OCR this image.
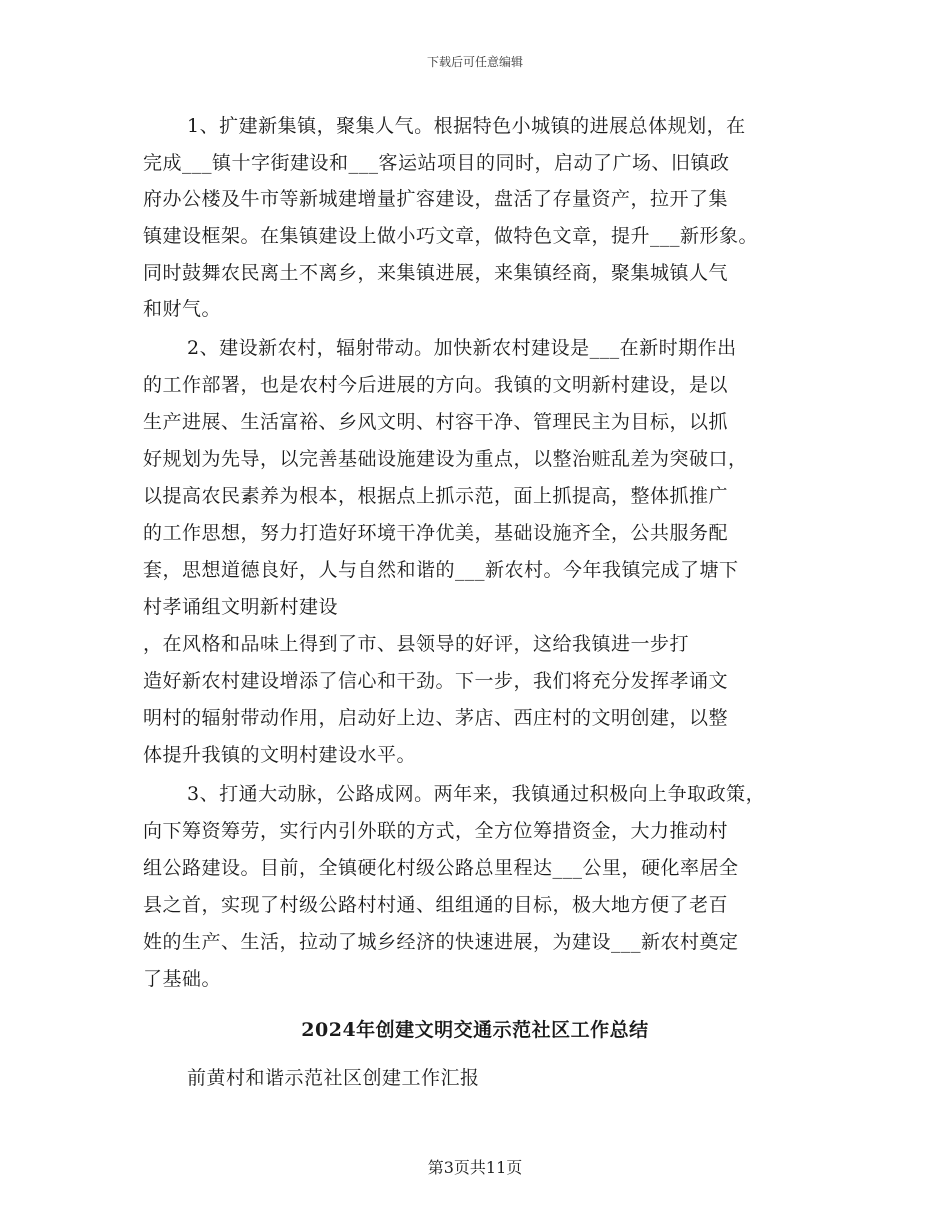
下载后可任意编辑
1、扩建新集镇，聚集人气。根据特色小城镇的进展总体规划，在
完成___镇十字街建设和___客运站项目的同时，启动了广场、旧镇政
府办公楼及牛市等新城建增量扩容建设，盘活了存量资产，拉开了集
镇建设框架。在集镇建设上做小巧文章，做特色文章，提升___新形象。
同时鼓舞农民离土不离乡，来集镇进展，来集镇经商，聚集城镇人气
和财气。
2、建设新农村，辐射带动。加快新农村建设是___在新时期作出
的工作部署，也是农村今后进展的方向。我镇的文明新村建设，是以
生产进展、生活富裕、乡风文明、村容干净、管理民主为目标，以抓
好规划为先导，以完善基础设施建设为重点，以整治赃乱差为突破口，
以提高农民素养为根本，根据点上抓示范，面上抓提高，整体抓推广
的工作思想，努力打造好环境干净优美，基础设施齐全，公共服务配
套，思想道德良好，人与自然和谐的___新农村。今年我镇完成了塘下
村孝诵组文明新村建设
，在风格和品味上得到了市、县领导的好评，这给我镇进一步打
造好新农村建设增添了信心和干劲。下一步，我们将充分发挥孝诵文
明村的辐射带动作用，启动好上边、茅店、西庄村的文明创建，以整
体提升我镇的文明村建设水平。
3、打通大动脉，公路成网。两年来，我镇通过积极向上争取政策，
向下筹资筹劳，实行内引外联的方式，全方位筹措资金，大力推动村
组公路建设。目前，全镇硬化村级公路总里程达___公里，硬化率居全
县之首，实现了村级公路村村通、组组通的目标，极大地方便了老百
姓的生产、生活，拉动了城乡经济的快速进展，为建设___新农村奠定
了基础。
2024年创建文明交通示范社区工作总结
前黄村和谐示范社区创建工作汇报
第3页共11页
